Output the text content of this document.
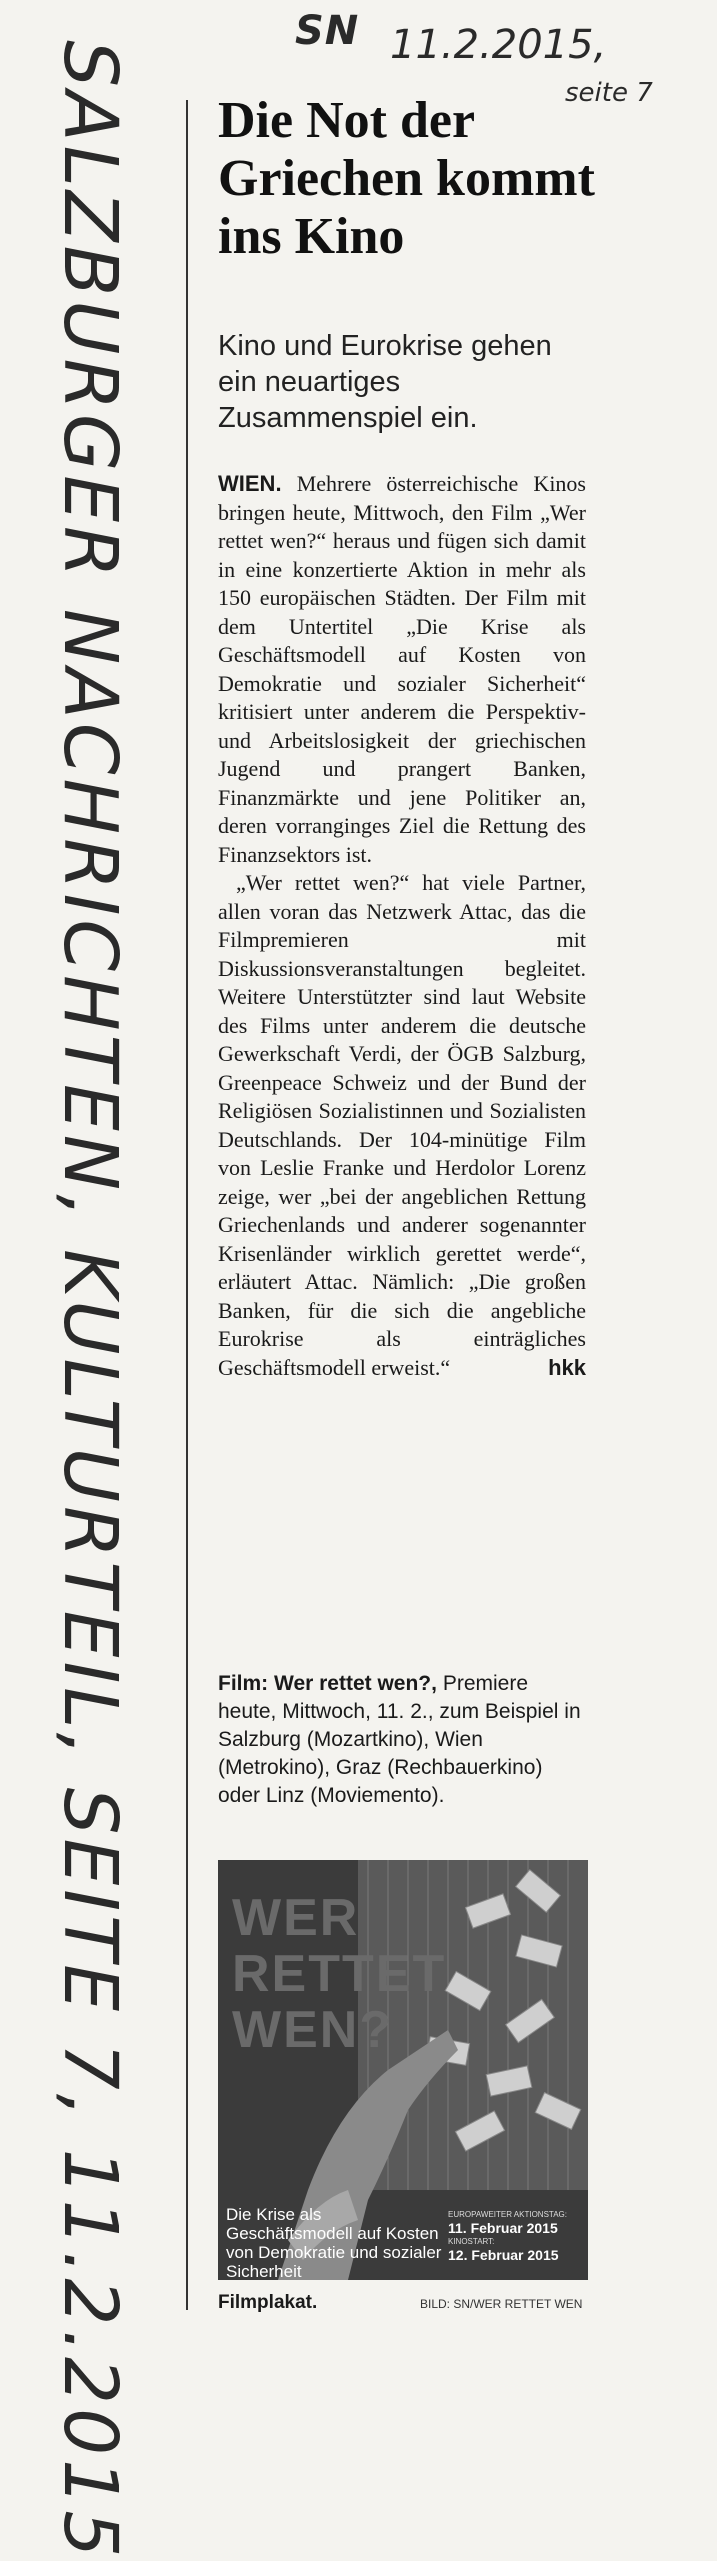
SN 11.2.2015,
seite 7
SALZBURGER NACHRICHTEN, KULTURTEIL, SEITE 7, 11.2.2015 Die Not der Griechen kommt ins Kino
Kino und Eurokrise gehen ein neuartiges Zusammenspiel ein.

WIEN. Mehrere österreichische Kinos bringen heute, Mittwoch, den Film „Wer rettet wen?“ heraus und fügen sich damit in eine konzertierte Aktion in mehr als 150 europäischen Städten. Der Film mit dem Untertitel „Die Krise als Geschäftsmodell auf Kosten von Demokratie und sozialer Sicherheit“ kritisiert unter anderem die Perspektiv- und Arbeitslosigkeit der griechischen Jugend und prangert Banken, Finanzmärkte und jene Politiker an, deren vorranginges Ziel die Rettung des Finanzsektors ist.

„Wer rettet wen?“ hat viele Partner, allen voran das Netzwerk Attac, das die Filmpremieren mit Diskussionsveranstaltungen begleitet. Weitere Unterstützter sind laut Website des Films unter anderem die deutsche Gewerkschaft Verdi, der ÖGB Salzburg, Greenpeace Schweiz und der Bund der Religiösen Sozialistinnen und Sozialisten Deutschlands. Der 104-minütige Film von Leslie Franke und Herdolor Lorenz zeige, wer „bei der angeblichen Rettung Griechenlands und anderer sogenannter Krisenländer wirklich gerettet werde“, erläutert Attac. Nämlich: „Die großen Banken, für die sich die angebliche Eurokrise als einträgliches Geschäftsmodell erweist.“	hkk

Film: Wer rettet wen?, Premiere heute, Mittwoch, 11. 2., zum Beispiel in Salzburg (Mozartkino), Wien (Metrokino), Graz (Rechbauerkino) oder Linz (Moviemento).
WER
RETTET
WEN?
Die Krise als Geschäftsmodell auf Kosten von Demokratie und sozialer Sicherheit
EUROPAWEITER AKTIONSTAG:
11. Februar 2015
KINOSTART:
12. Februar 2015
Filmplakat.	BILD: SN/WER RETTET WEN
